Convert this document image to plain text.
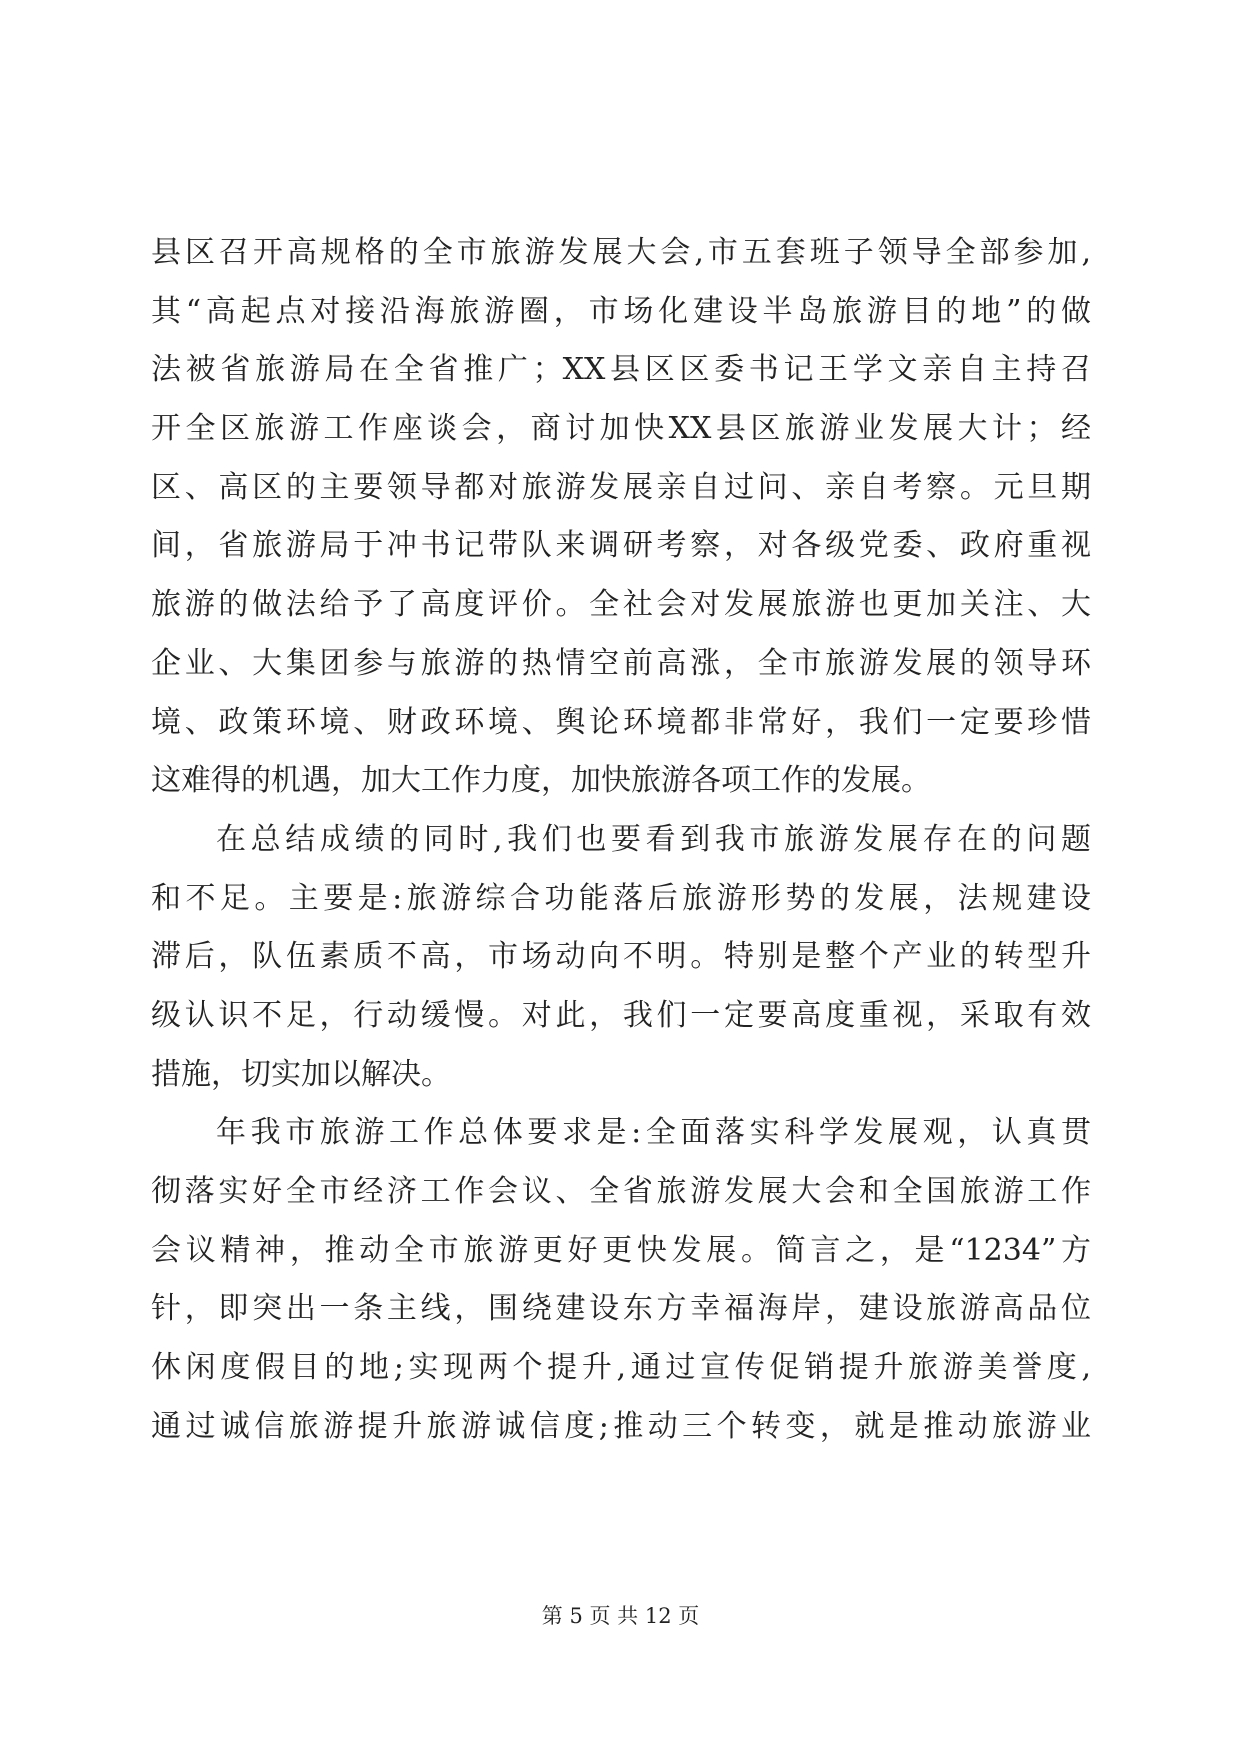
县区召开高规格的全市旅游发展大会,市五套班子领导全部参加,
其“高起点对接沿海旅游圈，市场化建设半岛旅游目的地”的做
法被省旅游局在全省推广；XX县区区委书记王学文亲自主持召
开全区旅游工作座谈会，商讨加快XX县区旅游业发展大计；经
区、高区的主要领导都对旅游发展亲自过问、亲自考察。元旦期
间，省旅游局于冲书记带队来调研考察，对各级党委、政府重视
旅游的做法给予了高度评价。全社会对发展旅游也更加关注、大
企业、大集团参与旅游的热情空前高涨，全市旅游发展的领导环
境、政策环境、财政环境、舆论环境都非常好，我们一定要珍惜
这难得的机遇，加大工作力度，加快旅游各项工作的发展。
在总结成绩的同时,我们也要看到我市旅游发展存在的问题
和不足。主要是:旅游综合功能落后旅游形势的发展，法规建设
滞后，队伍素质不高，市场动向不明。特别是整个产业的转型升
级认识不足，行动缓慢。对此，我们一定要高度重视，采取有效
措施，切实加以解决。
年我市旅游工作总体要求是:全面落实科学发展观，认真贯
彻落实好全市经济工作会议、全省旅游发展大会和全国旅游工作
会议精神，推动全市旅游更好更快发展。简言之，是“1234”方
针，即突出一条主线，围绕建设东方幸福海岸，建设旅游高品位
休闲度假目的地;实现两个提升,通过宣传促销提升旅游美誉度,
通过诚信旅游提升旅游诚信度;推动三个转变，就是推动旅游业
第 5 页 共 12 页
